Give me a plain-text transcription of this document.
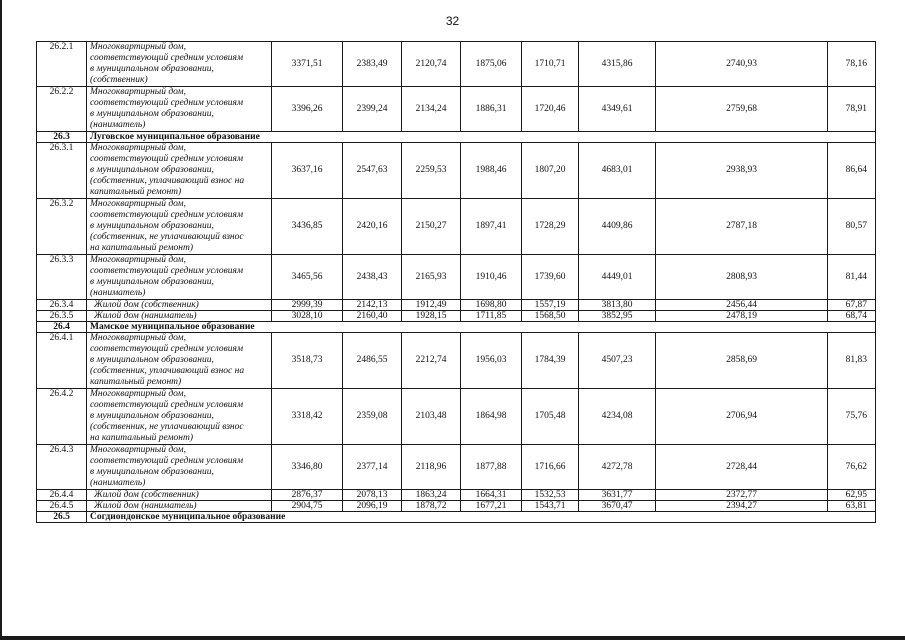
32
26.2.1	Многоквартирный дом,
соответствующий средним условиям
в муниципальном образовании,
(собственник)	3371,51	2383,49	2120,74	1875,06	1710,71	4315,86	2740,93	78,16
26.2.2	Многоквартирный дом,
соответствующий средним условиям
в муниципальном образовании,
(наниматель)	3396,26	2399,24	2134,24	1886,31	1720,46	4349,61	2759,68	78,91
26.3	Луговское муниципальное образование								
26.3.1	Многоквартирный дом,
соответствующий средним условиям
в муниципальном образовании,
(собственник, уплачивающий взнос на
капитальный ремонт)	3637,16	2547,63	2259,53	1988,46	1807,20	4683,01	2938,93	86,64
26.3.2	Многоквартирный дом,
соответствующий средним условиям
в муниципальном образовании,
(собственник, не уплачивающий взнос
на капитальный ремонт)	3436,85	2420,16	2150,27	1897,41	1728,29	4409,86	2787,18	80,57
26.3.3	Многоквартирный дом,
соответствующий средним условиям
в муниципальном образовании,
(наниматель)	3465,56	2438,43	2165,93	1910,46	1739,60	4449,01	2808,93	81,44
26.3.4	Жилой дом (собственник)	2999,39	2142,13	1912,49	1698,80	1557,19	3813,80	2456,44	67,87
26.3.5	Жилой дом (наниматель)	3028,10	2160,40	1928,15	1711,85	1568,50	3852,95	2478,19	68,74
26.4	Мамское муниципальное образование								
26.4.1	Многоквартирный дом,
соответствующий средним условиям
в муниципальном образовании,
(собственник, уплачивающий взнос на
капитальный ремонт)	3518,73	2486,55	2212,74	1956,03	1784,39	4507,23	2858,69	81,83
26.4.2	Многоквартирный дом,
соответствующий средним условиям
в муниципальном образовании,
(собственник, не уплачивающий взнос
на капитальный ремонт)	3318,42	2359,08	2103,48	1864,98	1705,48	4234,08	2706,94	75,76
26.4.3	Многоквартирный дом,
соответствующий средним условиям
в муниципальном образовании,
(наниматель)	3346,80	2377,14	2118,96	1877,88	1716,66	4272,78	2728,44	76,62
26.4.4	Жилой дом (собственник)	2876,37	2078,13	1863,24	1664,31	1532,53	3631,77	2372,77	62,95
26.4.5	Жилой дом (наниматель)	2904,75	2096,19	1878,72	1677,21	1543,71	3670,47	2394,27	63,81
26.5	Согдиондонское муниципальное образование								
